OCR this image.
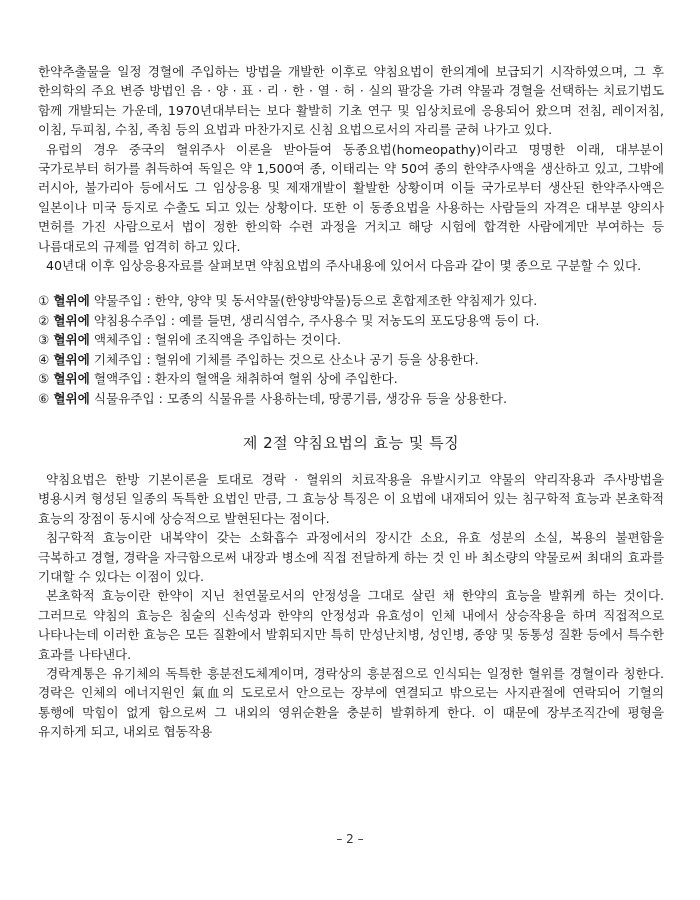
한약추출물을 일정 경혈에 주입하는 방법을 개발한 이후로 약침요법이 한의계에 보급되기 시작하였으며, 그 후 한의학의 주요 변증 방법인 음 · 양 · 표 · 리 · 한 · 열 · 허 · 실의 팔강을 가려 약물과 경혈을 선택하는 치료기법도 함께 개발되는 가운데, 1970년대부터는 보다 활발히 기초 연구 및 임상치료에 응용되어 왔으며 전침, 레이저침, 이침, 두피침, 수침, 족침 등의 요법과 마찬가지로 신침 요법으로서의 자리를 굳혀 나가고 있다.

유럽의 경우 중국의 혈위주사 이론을 받아들여 동종요법(homeopathy)이라고 명명한 이래, 대부분이 국가로부터 허가를 취득하여 독일은 약 1,500여 종, 이태리는 약 50여 종의 한약주사액을 생산하고 있고, 그밖에 러시아, 불가리아 등에서도 그 임상응용 및 제재개발이 활발한 상황이며 이들 국가로부터 생산된 한약주사액은 일본이나 미국 등지로 수출도 되고 있는 상황이다. 또한 이 동종요법을 사용하는 사람들의 자격은 대부분 양의사 면허를 가진 사람으로서 법이 정한 한의학 수련 과정을 거치고 해당 시험에 합격한 사람에게만 부여하는 등 나름대로의 규제를 엄격히 하고 있다.

40년대 이후 임상응용자료를 살펴보면 약침요법의 주사내용에 있어서 다음과 같이 몇 종으로 구분할 수 있다.

① 혈위에 약물주입 : 한약, 양약 및 동서약물(한양방약물)등으로 혼합제조한 약침제가 있다.
② 혈위에 약침용수주입 : 예를 들면, 생리식염수, 주사용수 및 저농도의 포도당용액 등이 다.
③ 혈위에 액체주입 : 혈위에 조직액을 주입하는 것이다.
④ 혈위에 기체주입 : 혈위에 기체를 주입하는 것으로 산소나 공기 등을 상용한다.
⑤ 혈위에 혈액주입 : 환자의 혈액을 채취하여 혈위 상에 주입한다.
⑥ 혈위에 식물유주입 : 모종의 식물유를 사용하는데, 땅콩기름, 생강유 등을 상용한다.
제 2절 약침요법의 효능 및 특징

약침요법은 한방 기본이론을 토대로 경락 · 혈위의 치료작용을 유발시키고 약물의 약리작용과 주사방법을 병용시켜 형성된 일종의 독특한 요법인 만큼, 그 효능상 특징은 이 요법에 내재되어 있는 침구학적 효능과 본초학적 효능의 장점이 동시에 상승적으로 발현된다는 점이다.

침구학적 효능이란 내복약이 갖는 소화흡수 과정에서의 장시간 소요, 유효 성분의 소실, 복용의 불편함을 극복하고 경혈, 경락을 자극함으로써 내장과 병소에 직접 전달하게 하는 것 인 바 최소량의 약물로써 최대의 효과를 기대할 수 있다는 이점이 있다.

본초학적 효능이란 한약이 지닌 천연물로서의 안정성을 그대로 살린 채 한약의 효능을 발휘케 하는 것이다. 그러므로 약침의 효능은 침술의 신속성과 한약의 안정성과 유효성이 인체 내에서 상승작용을 하며 직접적으로 나타나는데 이러한 효능은 모든 질환에서 발휘되지만 특히 만성난치병, 성인병, 종양 및 동통성 질환 등에서 특수한 효과를 나타낸다.

경락계통은 유기체의 독특한 흥분전도체계이며, 경락상의 흥분점으로 인식되는 일정한 혈위를 경혈이라 칭한다. 경락은 인체의 에너지원인 氣血의 도로로서 안으로는 장부에 연결되고 밖으로는 사지관절에 연락되어 기혈의 통행에 막힘이 없게 함으로써 그 내외의 영위순환을 충분히 발휘하게 한다. 이 때문에 장부조직간에 평형을 유지하게 되고, 내외로 협동작용

– 2 –
